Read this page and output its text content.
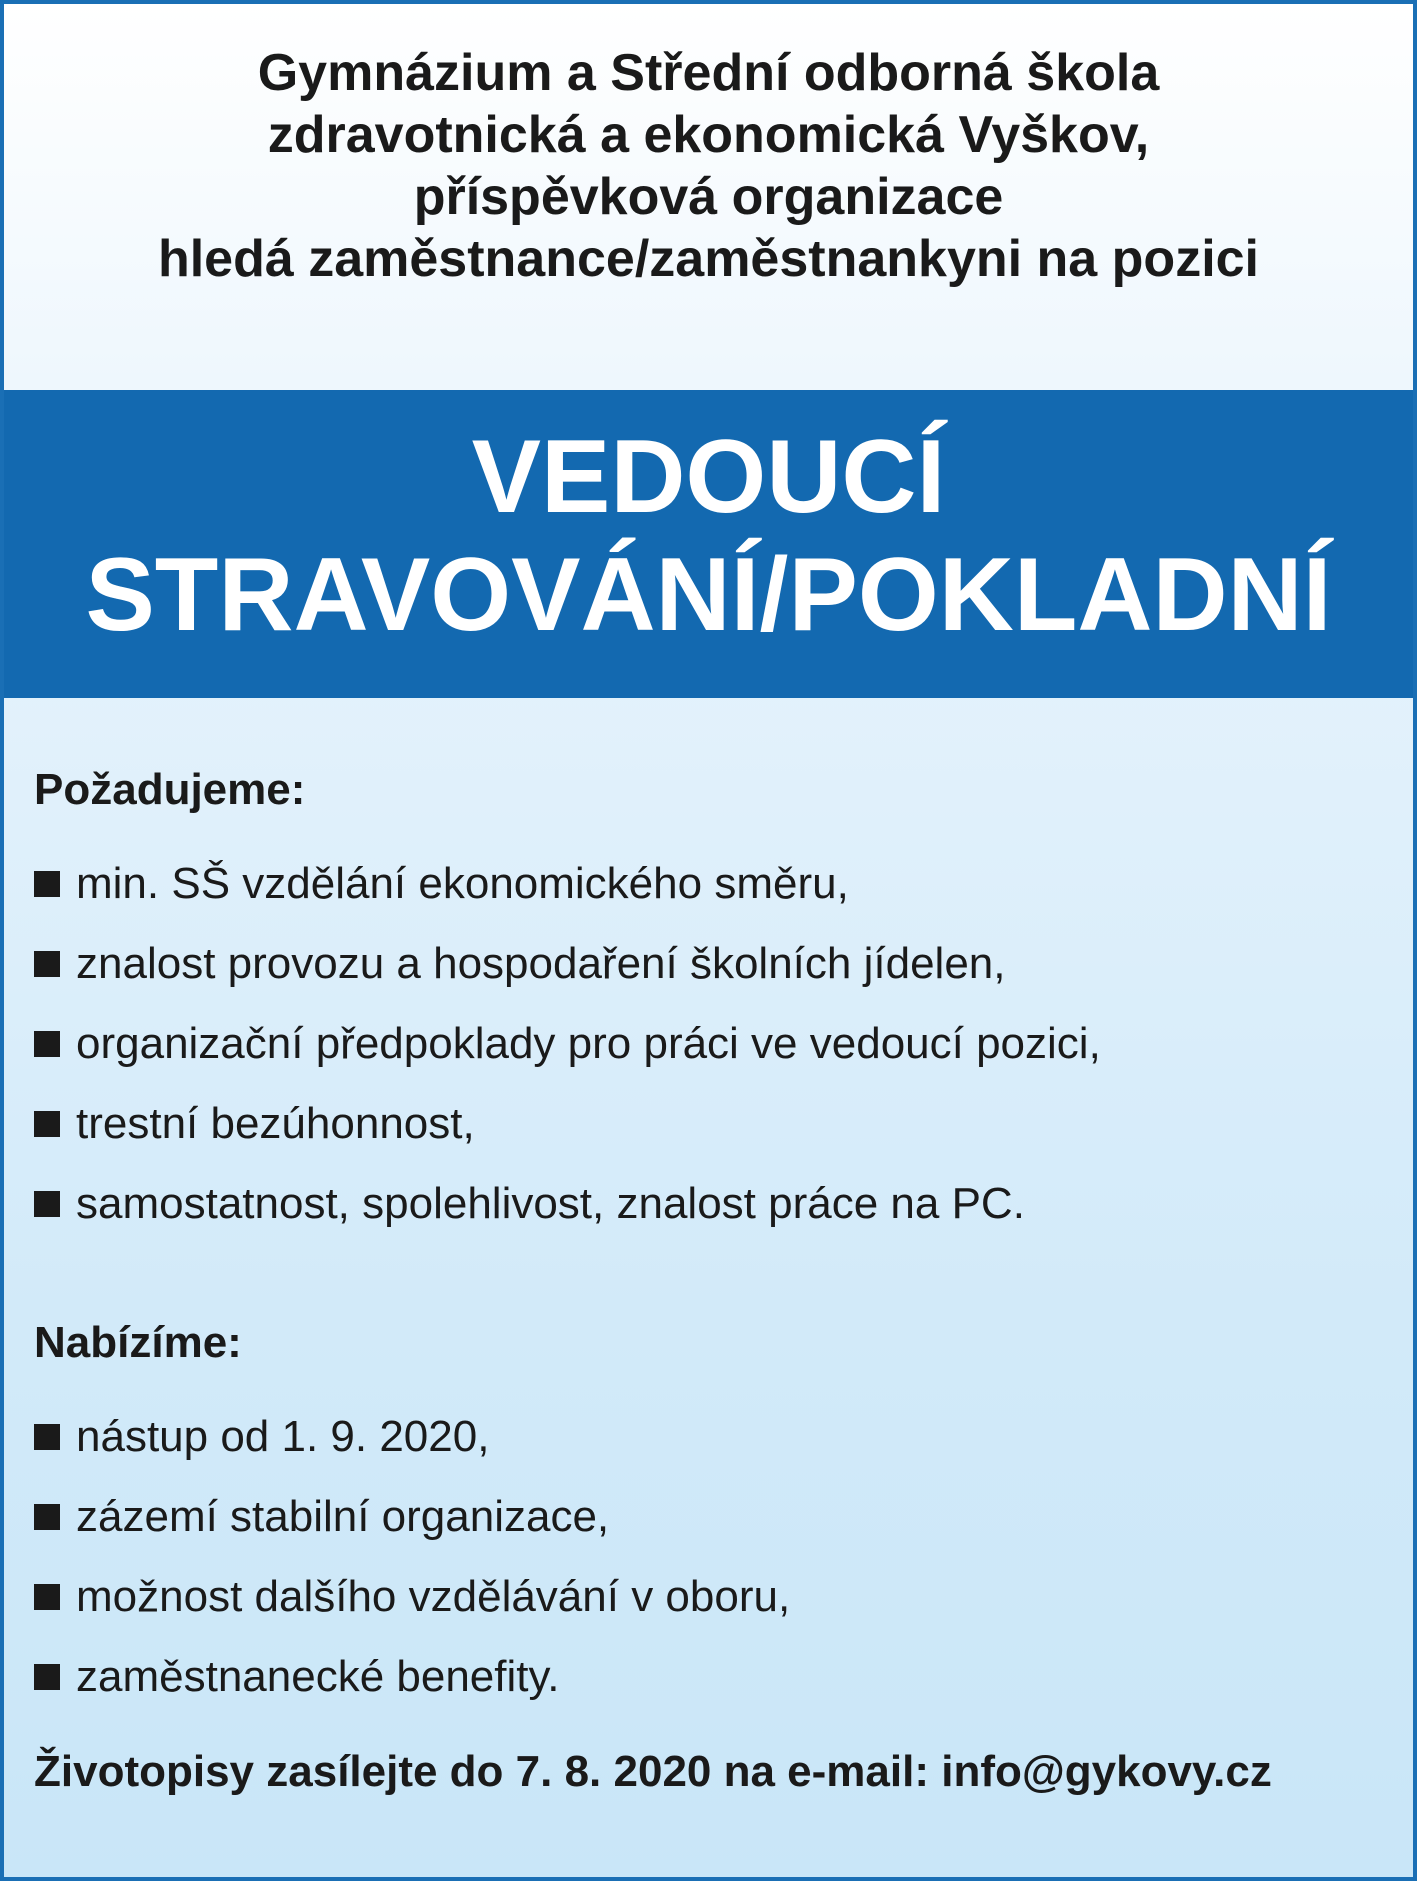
Gymnázium a Střední odborná škola
zdravotnická a ekonomická Vyškov,
příspěvková organizace
hledá zaměstnance/zaměstnankyni na pozici
VEDOUCÍ
STRAVOVÁNÍ/POKLADNÍ
Požadujeme:
min. SŠ vzdělání ekonomického směru,
znalost provozu a hospodaření školních jídelen,
organizační předpoklady pro práci ve vedoucí pozici,
trestní bezúhonnost,
samostatnost, spolehlivost, znalost práce na PC.
Nabízíme:
nástup od 1. 9. 2020,
zázemí stabilní organizace,
možnost dalšího vzdělávání v oboru,
zaměstnanecké benefity.
Životopisy zasílejte do 7. 8. 2020 na e-mail: info@gykovy.cz
